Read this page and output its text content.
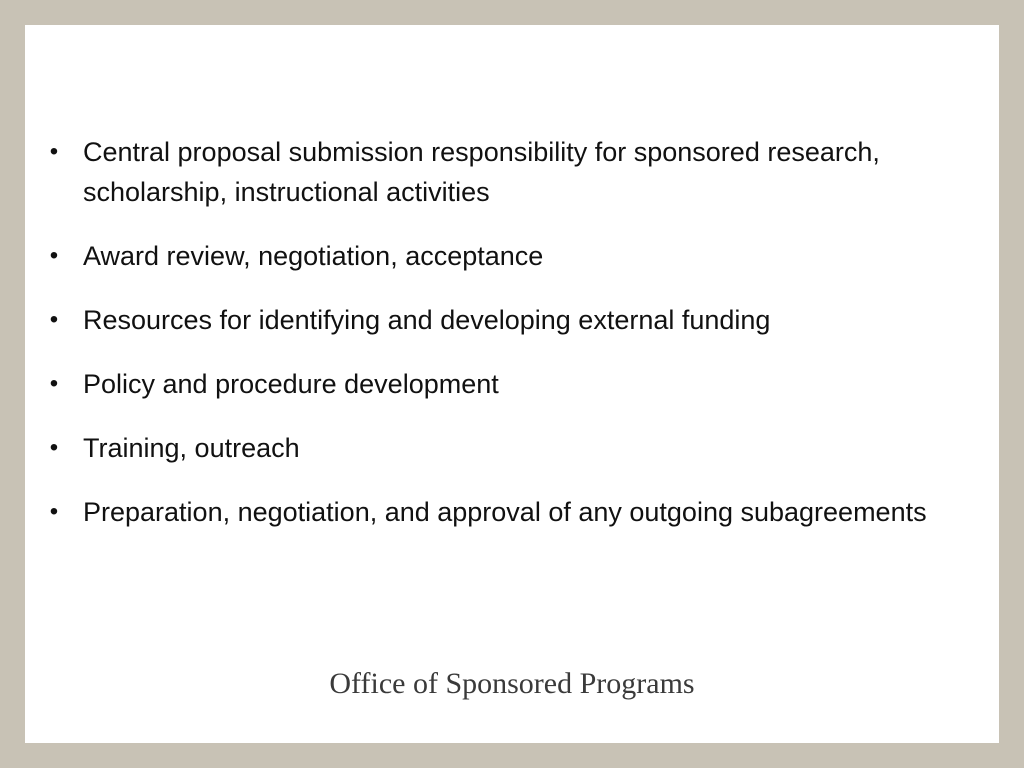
• Central proposal submission responsibility for sponsored research, scholarship, instructional activities
• Award review, negotiation, acceptance
• Resources for identifying and developing external funding
• Policy and procedure development
• Training, outreach
• Preparation, negotiation, and approval of any outgoing subagreements
Office of Sponsored Programs
